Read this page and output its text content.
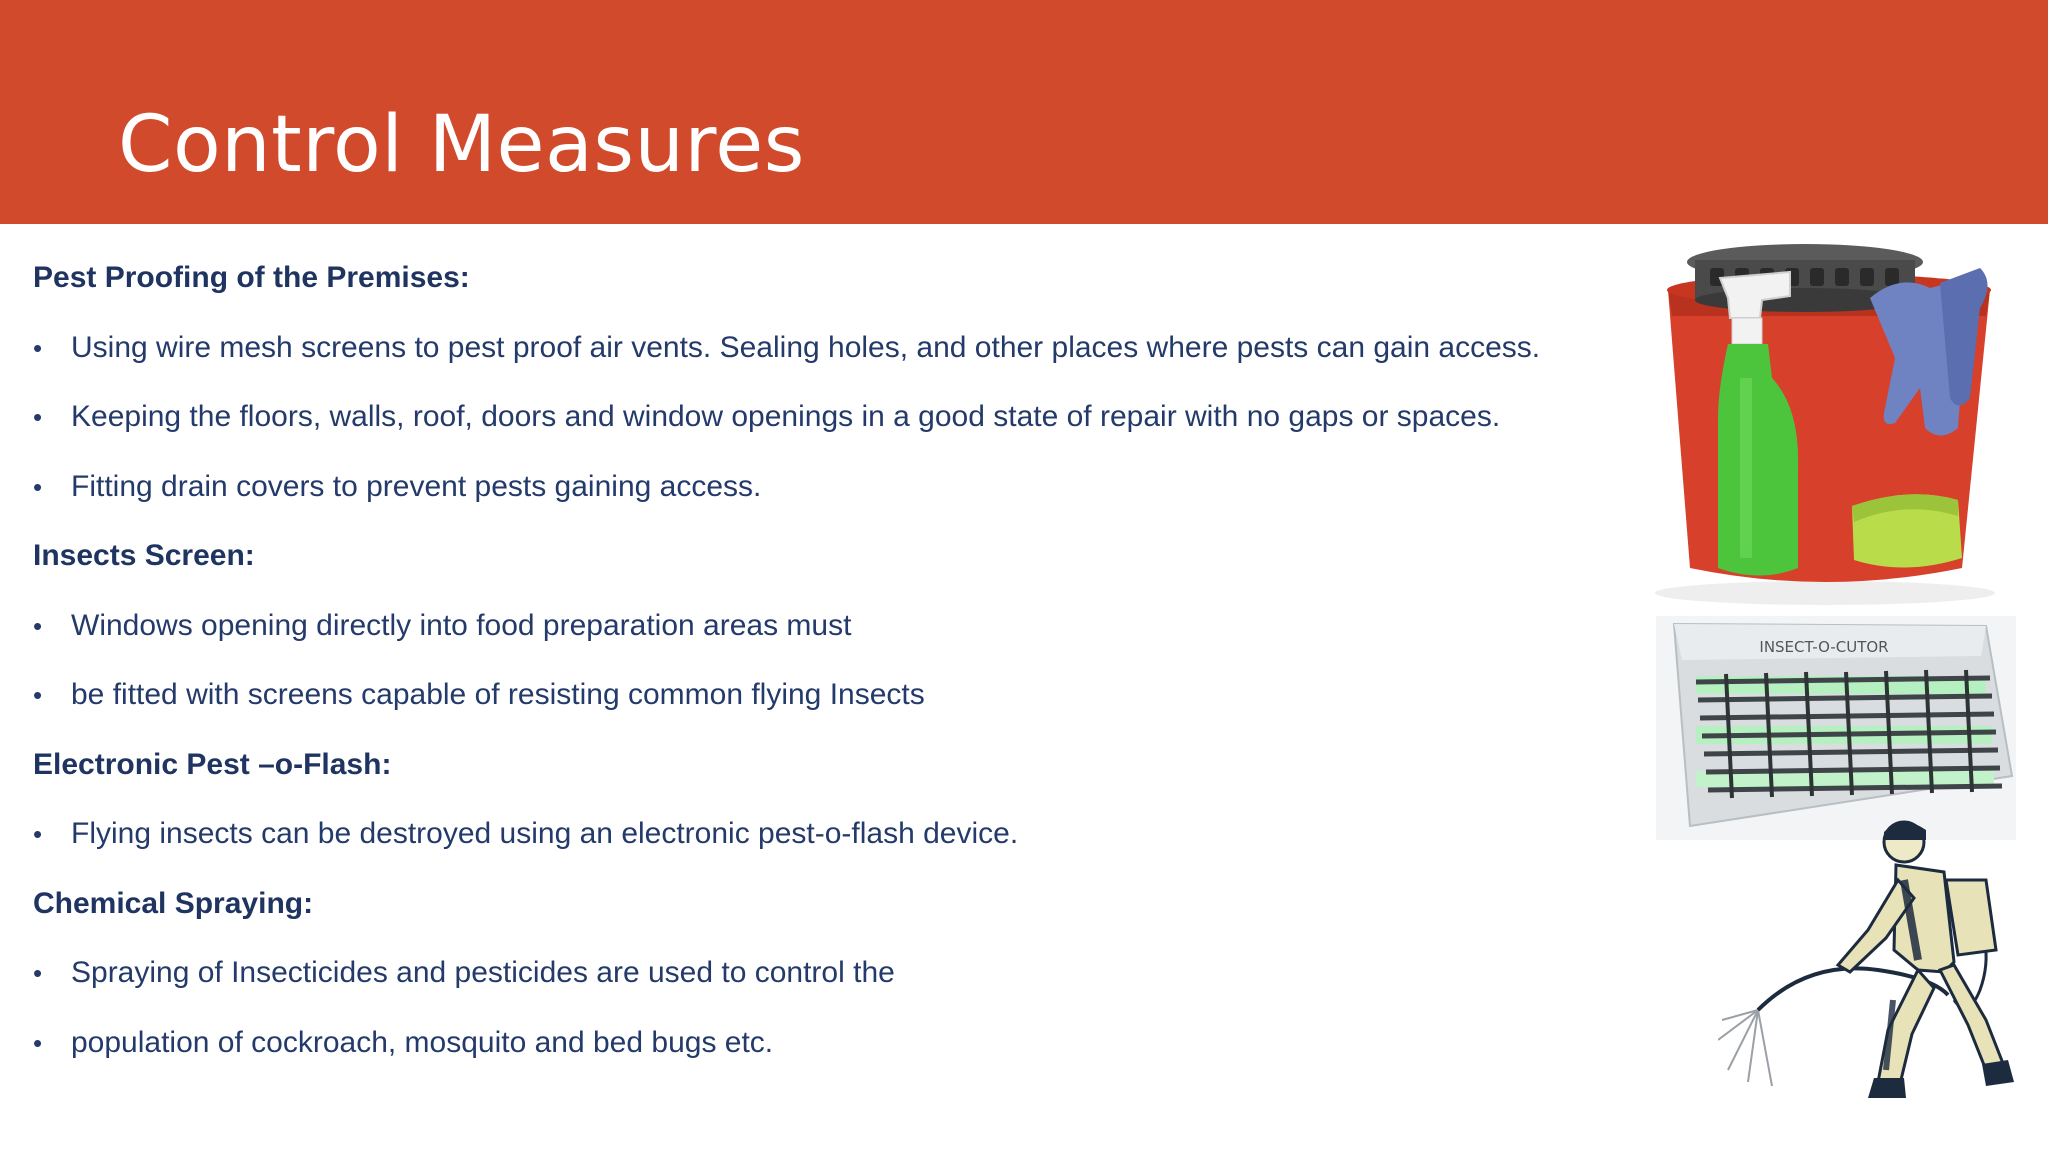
Control Measures
Pest Proofing of the Premises:
• Using wire mesh screens to pest proof air vents. Sealing holes, and other places where pests can gain access.
• Keeping the floors, walls, roof, doors and window openings in a good state of repair with no gaps or spaces.
• Fitting drain covers to prevent pests gaining access.
Insects Screen:
• Windows opening directly into food preparation areas must
• be fitted with screens capable of resisting common flying Insects
Electronic Pest –o-Flash:
• Flying insects can be destroyed using an electronic pest-o-flash device.
Chemical Spraying:
• Spraying of Insecticides and pesticides are used to control the
• population of cockroach, mosquito and bed bugs etc.
INSECT-O-CUTOR
